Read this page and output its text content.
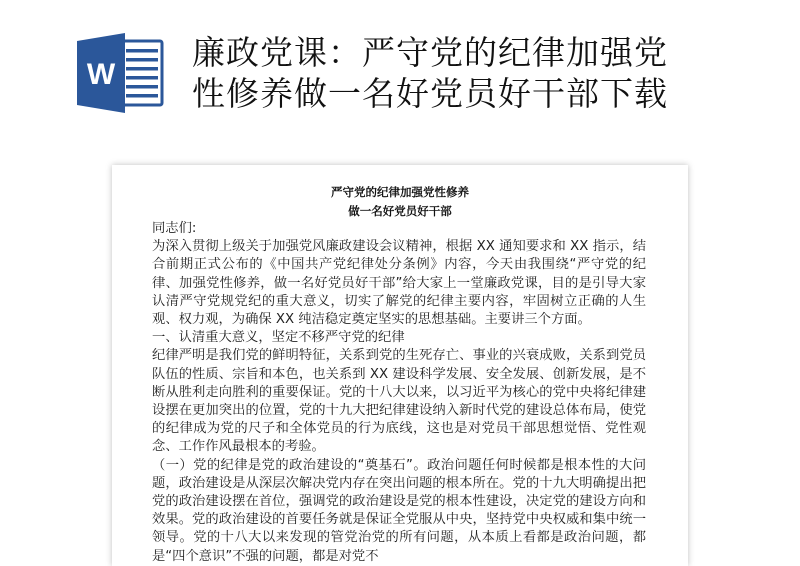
W
廉政党课：严守党的纪律加强党
性修养做一名好党员好干部下载
严守党的纪律加强党性修养
做一名好党员好干部
同志们:
为深入贯彻上级关于加强党风廉政建设会议精神，根据 XX 通知要求和 XX 指示，结合前期正式公布的《中国共产党纪律处分条例》内容，今天由我围绕“严守党的纪律、加强党性修养，做一名好党员好干部”给大家上一堂廉政党课，目的是引导大家认清严守党规党纪的重大意义，切实了解党的纪律主要内容，牢固树立正确的人生观、权力观，为确保 XX 纯洁稳定奠定坚实的思想基础。主要讲三个方面。
一、认清重大意义，坚定不移严守党的纪律
纪律严明是我们党的鲜明特征，关系到党的生死存亡、事业的兴衰成败，关系到党员队伍的性质、宗旨和本色，也关系到 XX 建设科学发展、安全发展、创新发展，是不断从胜利走向胜利的重要保证。党的十八大以来，以习近平为核心的党中央将纪律建设摆在更加突出的位置，党的十九大把纪律建设纳入新时代党的建设总体布局，使党的纪律成为党的尺子和全体党员的行为底线，这也是对党员干部思想觉悟、党性观念、工作作风最根本的考验。
（一）党的纪律是党的政治建设的“奠基石”。政治问题任何时候都是根本性的大问题，政治建设是从深层次解决党内存在突出问题的根本所在。党的十九大明确提出把党的政治建设摆在首位，强调党的政治建设是党的根本性建设，决定党的建设方向和效果。党的政治建设的首要任务就是保证全党服从中央，坚持党中央权威和集中统一领导。党的十八大以来发现的管党治党的所有问题，从本质上看都是政治问题，都是“四个意识”不强的问题，都是对党不
